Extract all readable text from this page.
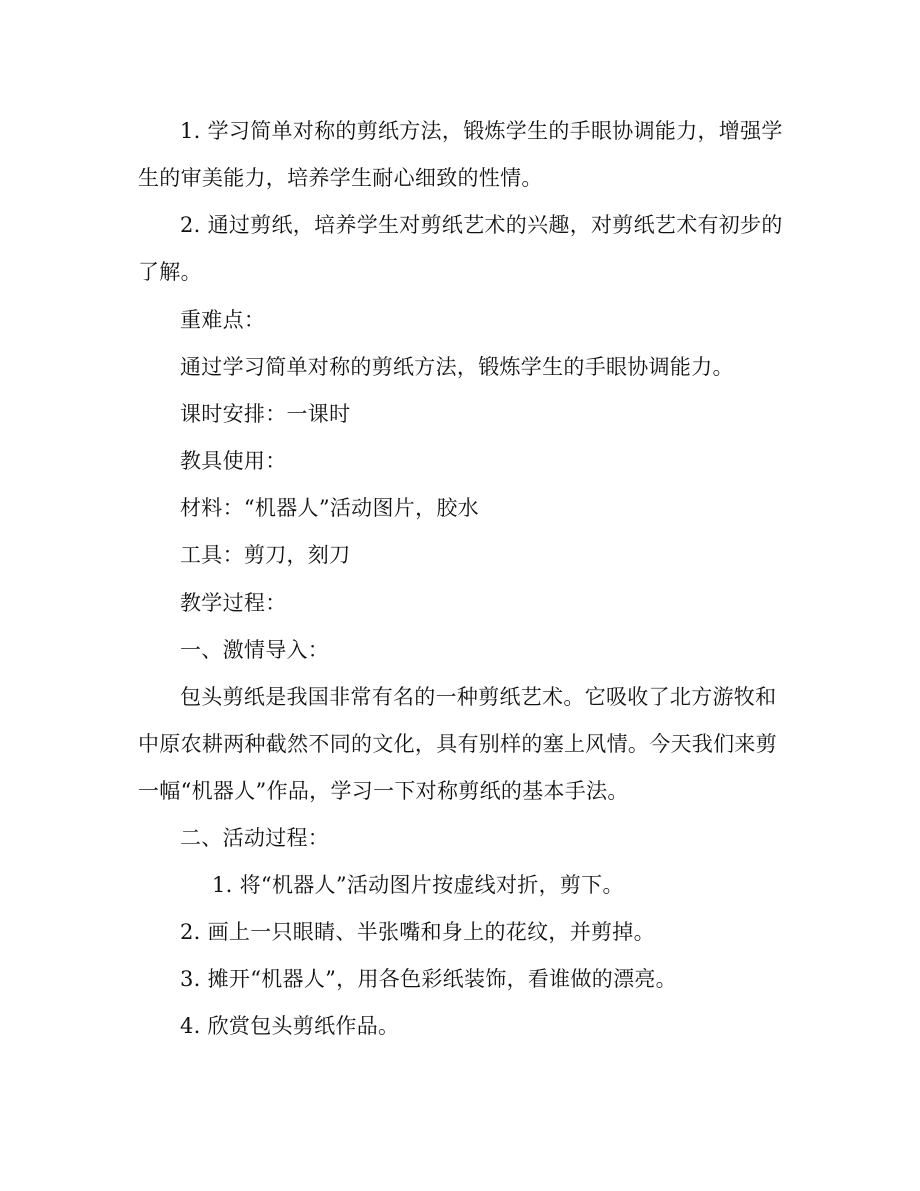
1. 学习简单对称的剪纸方法，锻炼学生的手眼协调能力，增强学
生的审美能力，培养学生耐心细致的性情。
2. 通过剪纸，培养学生对剪纸艺术的兴趣，对剪纸艺术有初步的
了解。
重难点：
通过学习简单对称的剪纸方法，锻炼学生的手眼协调能力。
课时安排：一课时
教具使用：
材料：“机器人”活动图片，胶水
工具：剪刀，刻刀
教学过程：
一、激情导入：
包头剪纸是我国非常有名的一种剪纸艺术。它吸收了北方游牧和
中原农耕两种截然不同的文化，具有别样的塞上风情。今天我们来剪
一幅“机器人”作品，学习一下对称剪纸的基本手法。
二、活动过程：
1. 将“机器人”活动图片按虚线对折，剪下。
2. 画上一只眼睛、半张嘴和身上的花纹，并剪掉。
3. 摊开“机器人”，用各色彩纸装饰，看谁做的漂亮。
4. 欣赏包头剪纸作品。
